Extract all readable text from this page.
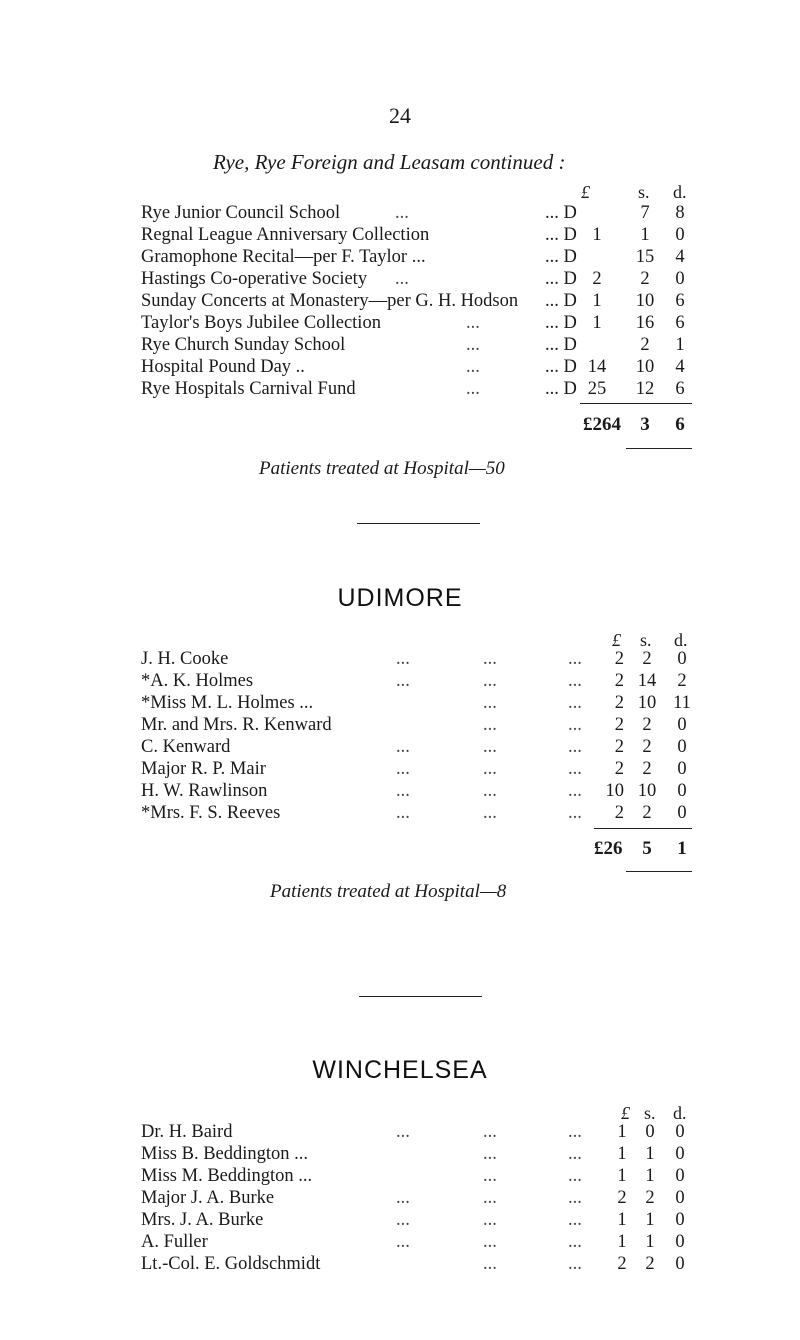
24
Rye, Rye Foreign and Leasam continued :
£	s. d.
Rye Junior Council School	...	... D	7	8
Regnal League Anniversary Collection	... D 1	1	0
Gramophone Recital—per F. Taylor ...	... D	15	4
Hastings Co-operative Society ...	... D 2	2	0
Sunday Concerts at Monastery—per G. H. Hodson ... D 1	10	6
Taylor's Boys Jubilee Collection	...	... D 1	16	6
Rye Church Sunday School	...	... D	2	1
Hospital Pound Day ..	...	... D 14	10	4
Rye Hospitals Carnival Fund	...	... D 25	12	6
£264	3	6
Patients treated at Hospital—50
UDIMORE
£ s. d.
J. H. Cooke	...	...	...	2 2	0
*A. K. Holmes	...	...	...	2 14	2
*Miss M. L. Holmes ...	...	...	2 10 11
Mr. and Mrs. R. Kenward	...	...	2 2	0
C. Kenward	...	...	...	2 2	0
Major R. P. Mair	...	...	...	2 2	0
H. W. Rawlinson	...	...	...	10 10	0
*Mrs. F. S. Reeves	...	...	...	2 2	0
£26	5	1
Patients treated at Hospital—8
WINCHELSEA
£ s. d.
Dr. H. Baird	...	...	... 1 0 0
Miss B. Beddington ...	...	... 1 1 0
Miss M. Beddington ...	...	... 1 1 0
Major J. A. Burke	...	...	... 2 2 0
Mrs. J. A. Burke	...	...	... 1 1 0
A. Fuller	...	...	... 1 1 0
Lt.-Col. E. Goldschmidt	...	... 2 2 0
